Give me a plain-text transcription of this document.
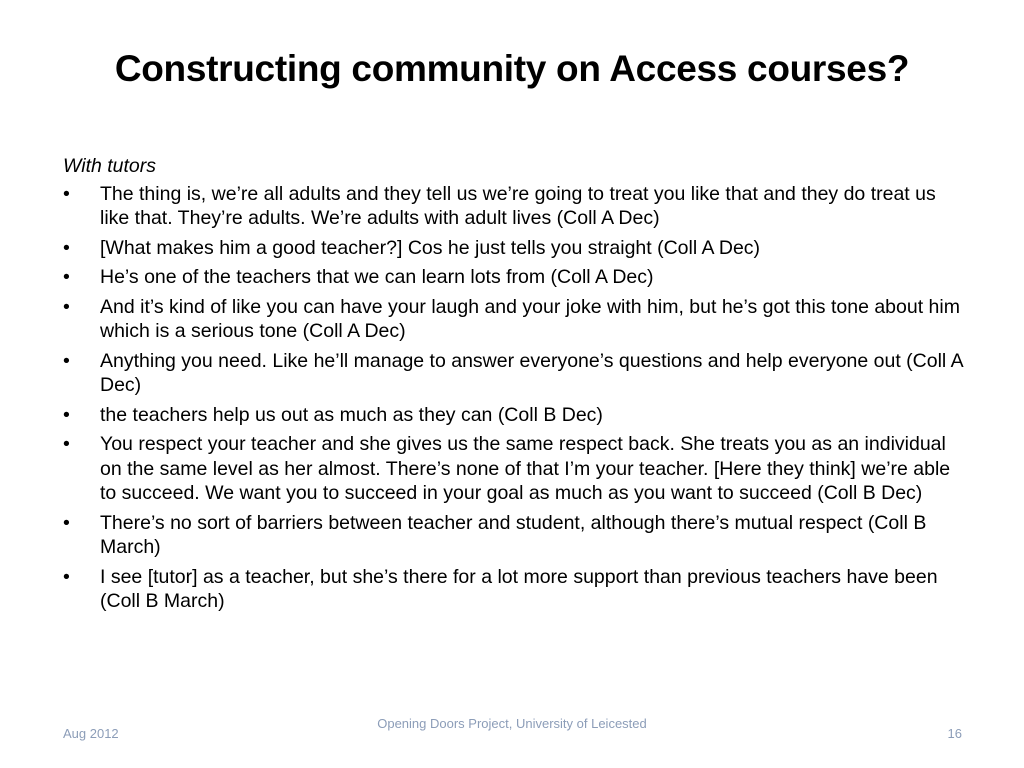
Constructing community on Access courses?

With tutors

• The thing is, we’re all adults and they tell us we’re going to treat you like that and they do treat us like that. They’re adults. We’re adults with adult lives (Coll A Dec)
• [What makes him a good teacher?] Cos he just tells you straight (Coll A Dec)
• He’s one of the teachers that we can learn lots from (Coll A Dec)
• And it’s kind of like you can have your laugh and your joke with him, but he’s got this tone about him which is a serious tone (Coll A Dec)
• Anything you need. Like he’ll manage to answer everyone’s questions and help everyone out (Coll A Dec)
• the teachers help us out as much as they can (Coll B Dec)
• You respect your teacher and she gives us the same respect back. She treats you as an individual on the same level as her almost. There’s none of that I’m your teacher. [Here they think] we’re able to succeed. We want you to succeed in your goal as much as you want to succeed (Coll B Dec)
• There’s no sort of barriers between teacher and student, although there’s mutual respect (Coll B March)
• I see [tutor] as a teacher, but she’s there for a lot more support than previous teachers have been (Coll B March)
Aug 2012
Opening Doors Project, University of Leicested
16
